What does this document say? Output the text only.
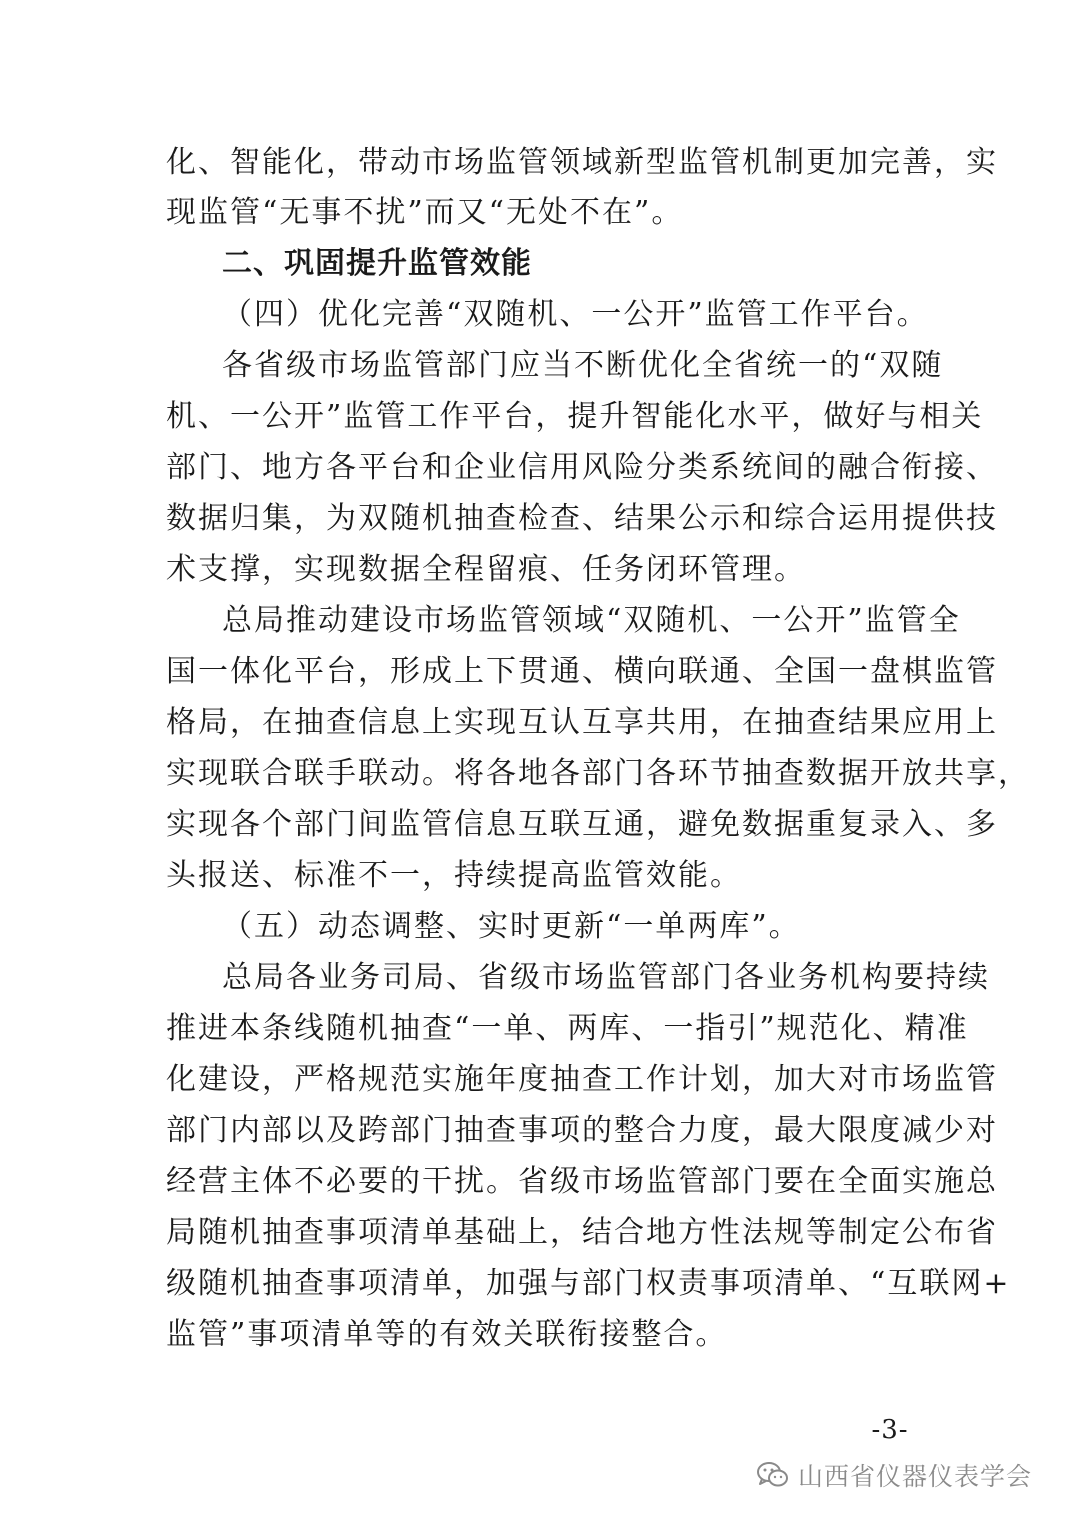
化、智能化，带动市场监管领域新型监管机制更加完善，实
现监管“无事不扰”而又“无处不在”。
二、巩固提升监管效能
（四）优化完善“双随机、一公开”监管工作平台。
各省级市场监管部门应当不断优化全省统一的“双随
机、一公开”监管工作平台，提升智能化水平，做好与相关
部门、地方各平台和企业信用风险分类系统间的融合衔接、
数据归集，为双随机抽查检查、结果公示和综合运用提供技
术支撑，实现数据全程留痕、任务闭环管理。
总局推动建设市场监管领域“双随机、一公开”监管全
国一体化平台，形成上下贯通、横向联通、全国一盘棋监管
格局，在抽查信息上实现互认互享共用，在抽查结果应用上
实现联合联手联动。将各地各部门各环节抽查数据开放共享，
实现各个部门间监管信息互联互通，避免数据重复录入、多
头报送、标准不一，持续提高监管效能。
（五）动态调整、实时更新“一单两库”。
总局各业务司局、省级市场监管部门各业务机构要持续
推进本条线随机抽查“一单、两库、一指引”规范化、精准
化建设，严格规范实施年度抽查工作计划，加大对市场监管
部门内部以及跨部门抽查事项的整合力度，最大限度减少对
经营主体不必要的干扰。省级市场监管部门要在全面实施总
局随机抽查事项清单基础上，结合地方性法规等制定公布省
级随机抽查事项清单，加强与部门权责事项清单、“互联网+
监管”事项清单等的有效关联衔接整合。
-3-
山西省仪器仪表学会
